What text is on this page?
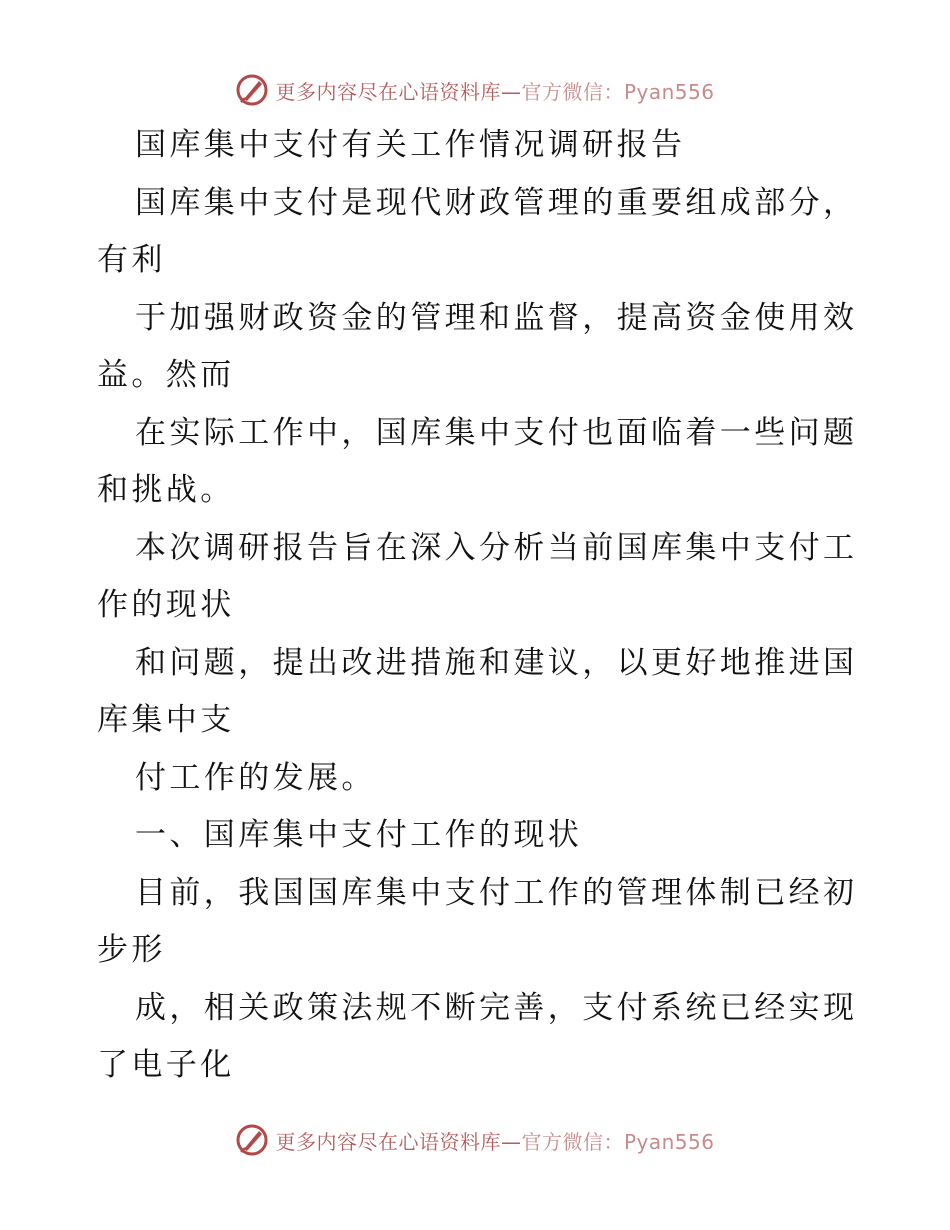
更多内容尽在心语资料库—官方微信：Pyan556
国库集中支付有关工作情况调研报告
国库集中支付是现代财政管理的重要组成部分，
有利
于加强财政资金的管理和监督，提高资金使用效
益。然而
在实际工作中，国库集中支付也面临着一些问题
和挑战。
本次调研报告旨在深入分析当前国库集中支付工
作的现状
和问题，提出改进措施和建议，以更好地推进国
库集中支
付工作的发展。
一、国库集中支付工作的现状
目前，我国国库集中支付工作的管理体制已经初
步形
成，相关政策法规不断完善，支付系统已经实现
了电子化
更多内容尽在心语资料库—官方微信：Pyan556
